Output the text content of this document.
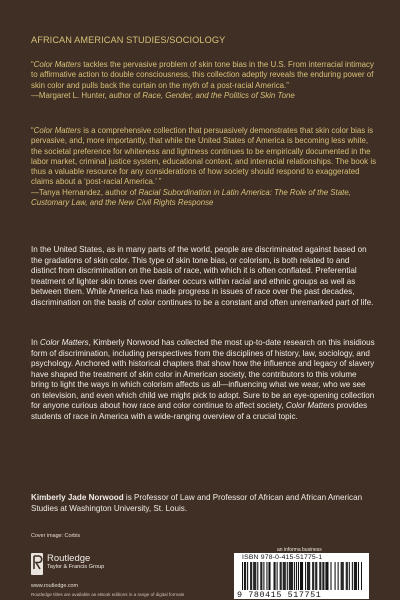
AFRICAN AMERICAN STUDIES/SOCIOLOGY
“Color Matters tackles the pervasive problem of skin tone bias in the U.S. From interracial intimacy to affirmative action to double consciousness, this collection adeptly reveals the enduring power of skin color and pulls back the curtain on the myth of a post-racial America.”
—Margaret L. Hunter, author of Race, Gender, and the Politics of Skin Tone
“Color Matters is a comprehensive collection that persuasively demonstrates that skin color bias is pervasive, and, more importantly, that while the United States of America is becoming less white, the societal preference for whiteness and lightness continues to be empirically documented in the labor market, criminal justice system, educational context, and interracial relationships. The book is thus a valuable resource for any considerations of how society should respond to exaggerated claims about a ‘post-racial America.’ ”
—Tanya Hernandez, author of Racial Subordination in Latin America: The Role of the State, Customary Law, and the New Civil Rights Response
In the United States, as in many parts of the world, people are discriminated against based on the gradations of skin color. This type of skin tone bias, or colorism, is both related to and distinct from discrimination on the basis of race, with which it is often conflated. Preferential treatment of lighter skin tones over darker occurs within racial and ethnic groups as well as between them. While America has made progress in issues of race over the past decades, discrimination on the basis of color continues to be a constant and often unremarked part of life.
In Color Matters, Kimberly Norwood has collected the most up-to-date research on this insidious form of discrimination, including perspectives from the disciplines of history, law, sociology, and psychology. Anchored with historical chapters that show how the influence and legacy of slavery have shaped the treatment of skin color in American society, the contributors to this volume bring to light the ways in which colorism affects us all—influencing what we wear, who we see on television, and even which child we might pick to adopt. Sure to be an eye-opening collection for anyone curious about how race and color continue to affect society, Color Matters provides students of race in America with a wide-ranging overview of a crucial topic.
Kimberly Jade Norwood is Professor of Law and Professor of African and African American Studies at Washington University, St. Louis.
Cover image: Corbis
Routledge
Taylor & Francis Group
www.routledge.com
Routledge titles are available as eBook editions in a range of digital formats
an informa business
ISBN 978-0-415-51775-1
9 780415 517751
